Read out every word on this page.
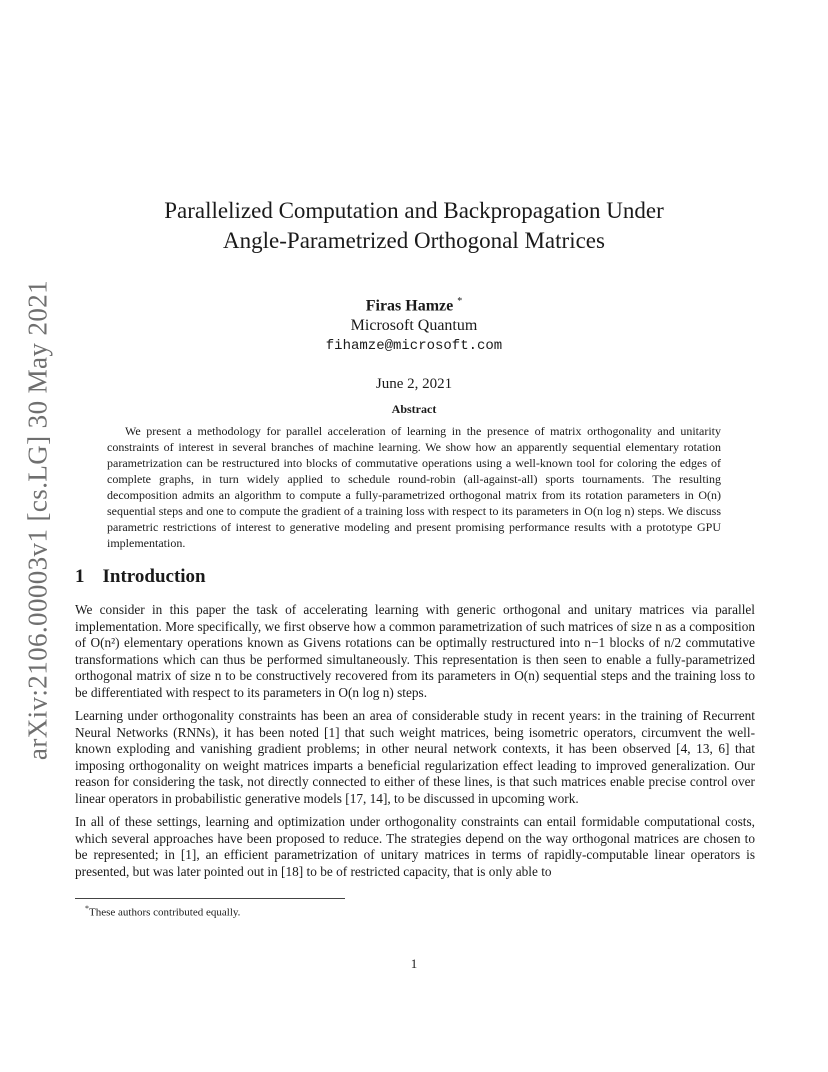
arXiv:2106.00003v1 [cs.LG] 30 May 2021
Parallelized Computation and Backpropagation Under
Angle-Parametrized Orthogonal Matrices
Firas Hamze *
Microsoft Quantum
fihamze@microsoft.com
June 2, 2021
Abstract

We present a methodology for parallel acceleration of learning in the presence of matrix orthogonality and unitarity constraints of interest in several branches of machine learning. We show how an apparently sequential elementary rotation parametrization can be restructured into blocks of commutative operations using a well-known tool for coloring the edges of complete graphs, in turn widely applied to schedule round-robin (all-against-all) sports tournaments. The resulting decomposition admits an algorithm to compute a fully-parametrized orthogonal matrix from its rotation parameters in O(n) sequential steps and one to compute the gradient of a training loss with respect to its parameters in O(n log n) steps. We discuss parametric restrictions of interest to generative modeling and present promising performance results with a prototype GPU implementation.

1 Introduction

We consider in this paper the task of accelerating learning with generic orthogonal and unitary matrices via parallel implementation. More specifically, we first observe how a common parametrization of such matrices of size n as a composition of O(n²) elementary operations known as Givens rotations can be optimally restructured into n−1 blocks of n/2 commutative transformations which can thus be performed simultaneously. This representation is then seen to enable a fully-parametrized orthogonal matrix of size n to be constructively recovered from its parameters in O(n) sequential steps and the training loss to be differentiated with respect to its parameters in O(n log n) steps.

Learning under orthogonality constraints has been an area of considerable study in recent years: in the training of Recurrent Neural Networks (RNNs), it has been noted [1] that such weight matrices, being isometric operators, circumvent the well-known exploding and vanishing gradient problems; in other neural network contexts, it has been observed [4, 13, 6] that imposing orthogonality on weight matrices imparts a beneficial regularization effect leading to improved generalization. Our reason for considering the task, not directly connected to either of these lines, is that such matrices enable precise control over linear operators in probabilistic generative models [17, 14], to be discussed in upcoming work.

In all of these settings, learning and optimization under orthogonality constraints can entail formidable computational costs, which several approaches have been proposed to reduce. The strategies depend on the way orthogonal matrices are chosen to be represented; in [1], an efficient parametrization of unitary matrices in terms of rapidly-computable linear operators is presented, but was later pointed out in [18] to be of restricted capacity, that is only able to

*These authors contributed equally.
1
